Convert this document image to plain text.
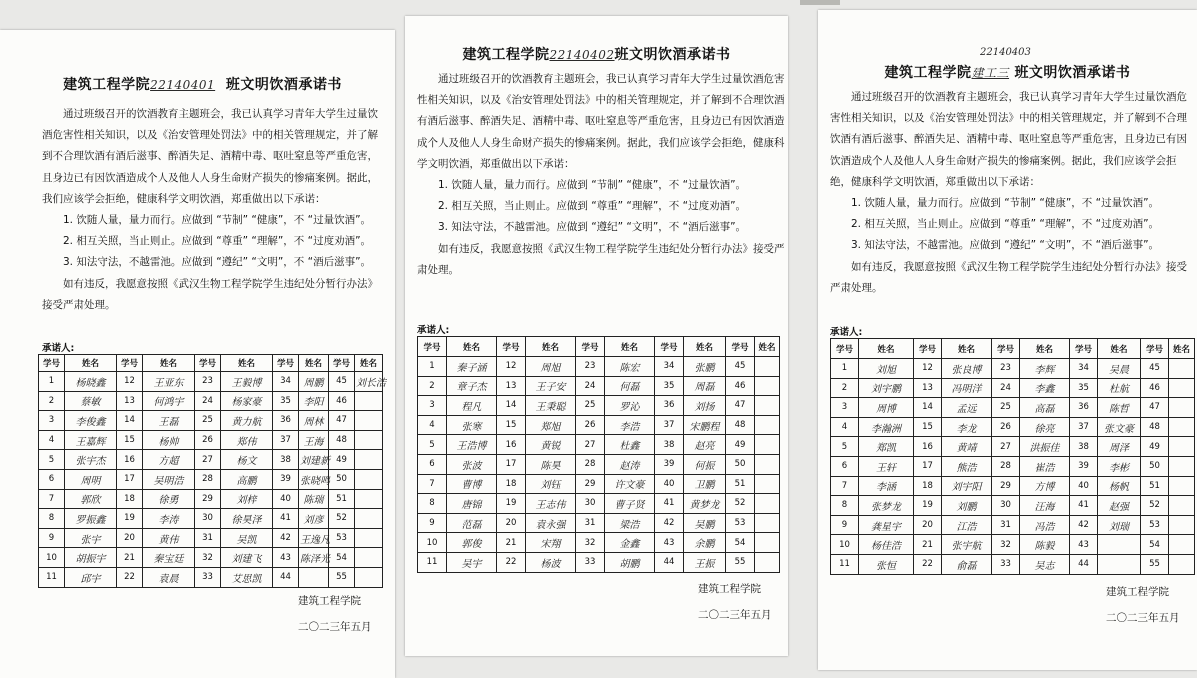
建筑工程学院22140401 班文明饮酒承诺书

通过班级召开的饮酒教育主题班会，我已认真学习青年大学生过量饮酒危害性相关知识，以及《治安管理处罚法》中的相关管理规定，并了解到不合理饮酒有酒后滋事、醉酒失足、酒精中毒、呕吐窒息等严重危害，且身边已有因饮酒造成个人及他人人身生命财产损失的惨痛案例。据此，我们应该学会拒绝，健康科学文明饮酒，郑重做出以下承诺：

1. 饮随人量，量力而行。应做到 “节制” “健康”，不 “过量饮酒”。

2. 相互关照，当止则止。应做到 “尊重” “理解”，不 “过度劝酒”。

3. 知法守法，不越雷池。应做到 “遵纪” “文明”，不 “酒后滋事”。

如有违反，我愿意按照《武汉生物工程学院学生违纪处分暂行办法》接受严肃处理。

承诺人:
学号	姓名	学号	姓名	学号	姓名	学号	姓名	学号	姓名
1	杨晓鑫	12	王亚东	23	王毅博	34	周鹏	45	刘长浩
2	蔡敏	13	何鸿宇	24	杨家豪	35	李阳	46	
3	李俊鑫	14	王磊	25	黄力航	36	周林	47	
4	王嘉辉	15	杨帅	26	郑伟	37	王海	48	
5	张宇杰	16	方超	27	杨文	38	刘建新	49	
6	周明	17	吴明浩	28	高鹏	39	张晓鸣	50	
7	郭欣	18	徐勇	29	刘梓	40	陈瑞	51	
8	罗振鑫	19	李涛	30	徐昊泽	41	刘彦	52	
9	张宇	20	黄伟	31	吴凯	42	王逸凡	53	
10	胡振宇	21	秦宝廷	32	刘建飞	43	陈泽光	54	
11	邱宇	22	袁晨	33	艾思凯	44		55	
建筑工程学院
二〇二三年五月
建筑工程学院22140402班文明饮酒承诺书

通过班级召开的饮酒教育主题班会，我已认真学习青年大学生过量饮酒危害性相关知识，以及《治安管理处罚法》中的相关管理规定，并了解到不合理饮酒有酒后滋事、醉酒失足、酒精中毒、呕吐窒息等严重危害，且身边已有因饮酒造成个人及他人人身生命财产损失的惨痛案例。据此，我们应该学会拒绝，健康科学文明饮酒，郑重做出以下承诺：

1. 饮随人量，量力而行。应做到 “节制” “健康”，不 “过量饮酒”。

2. 相互关照，当止则止。应做到 “尊重” “理解”，不 “过度劝酒”。

3. 知法守法，不越雷池。应做到 “遵纪” “文明”，不 “酒后滋事”。

如有违反，我愿意按照《武汉生物工程学院学生违纪处分暂行办法》接受严肃处理。

承诺人:
学号	姓名	学号	姓名	学号	姓名	学号	姓名	学号	姓名
1	秦子涵	12	周旭	23	陈宏	34	张鹏	45	
2	章子杰	13	王子安	24	何磊	35	周磊	46	
3	程凡	14	王秉聪	25	罗沁	36	刘扬	47	
4	张寒	15	郑旭	26	李浩	37	宋鹏程	48	
5	王浩博	16	黄锐	27	杜鑫	38	赵亮	49	
6	张波	17	陈昊	28	赵涛	39	何振	50	
7	曹博	18	刘钰	29	许文豪	40	卫鹏	51	
8	唐锦	19	王志伟	30	曹子贤	41	黄梦龙	52	
9	范磊	20	袁永强	31	梁浩	42	吴鹏	53	
10	郭俊	21	宋翔	32	金鑫	43	余鹏	54	
11	吴宇	22	杨波	33	胡鹏	44	王振	55	
建筑工程学院
二〇二三年五月
22140403
建筑工程学院建工三 班文明饮酒承诺书

通过班级召开的饮酒教育主题班会，我已认真学习青年大学生过量饮酒危害性相关知识，以及《治安管理处罚法》中的相关管理规定，并了解到不合理饮酒有酒后滋事、醉酒失足、酒精中毒、呕吐窒息等严重危害，且身边已有因饮酒造成个人及他人人身生命财产损失的惨痛案例。据此，我们应该学会拒绝，健康科学文明饮酒，郑重做出以下承诺：

1. 饮随人量，量力而行。应做到 “节制” “健康”，不 “过量饮酒”。

2. 相互关照，当止则止。应做到 “尊重” “理解”，不 “过度劝酒”。

3. 知法守法，不越雷池。应做到 “遵纪” “文明”，不 “酒后滋事”。

如有违反，我愿意按照《武汉生物工程学院学生违纪处分暂行办法》接受严肃处理。

承诺人:
学号	姓名	学号	姓名	学号	姓名	学号	姓名	学号	姓名
1	刘旭	12	张良博	23	李辉	34	吴晨	45	
2	刘宇鹏	13	冯明洋	24	李鑫	35	杜航	46	
3	周博	14	孟远	25	高磊	36	陈哲	47	
4	李瀚洲	15	李龙	26	徐亮	37	张文豪	48	
5	郑凯	16	黄靖	27	洪振佳	38	周泽	49	
6	王轩	17	熊浩	28	崔浩	39	李彬	50	
7	李涵	18	刘宇阳	29	方博	40	杨帆	51	
8	张梦龙	19	刘鹏	30	汪海	41	赵强	52	
9	龚星宇	20	江浩	31	冯浩	42	刘瑞	53	
10	杨佳浩	21	张宇航	32	陈毅	43		54	
11	张恒	22	俞磊	33	吴志	44		55	
建筑工程学院
二〇二三年五月
